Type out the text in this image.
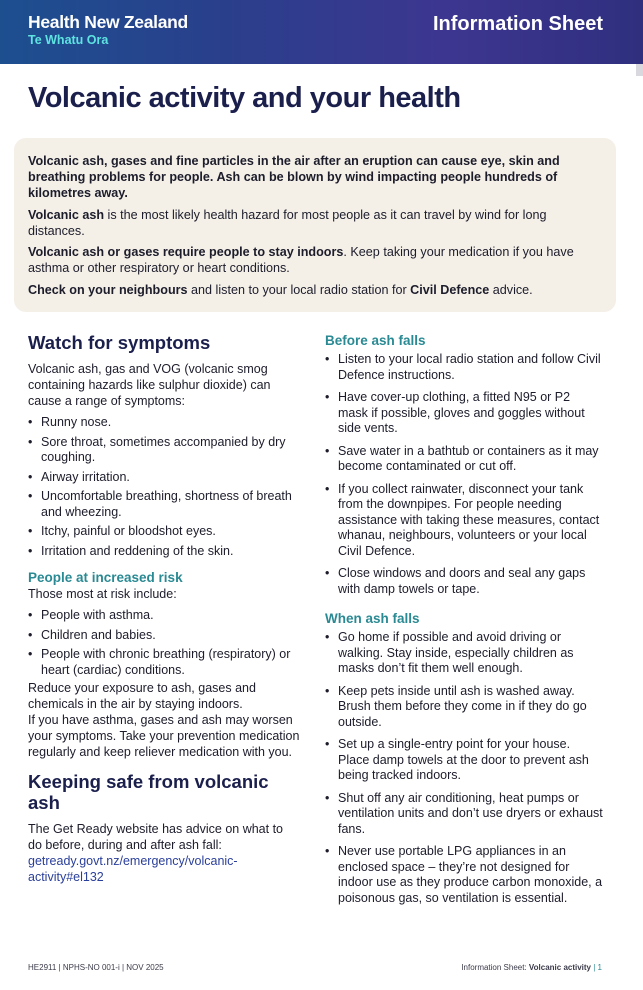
Health New Zealand
Te Whatu Ora
Information Sheet
Volcanic activity and your health

Volcanic ash, gases and fine particles in the air after an eruption can cause eye, skin and breathing problems for people. Ash can be blown by wind impacting people hundreds of kilometres away.

Volcanic ash is the most likely health hazard for most people as it can travel by wind for long distances.

Volcanic ash or gases require people to stay indoors. Keep taking your medication if you have asthma or other respiratory or heart conditions.

Check on your neighbours and listen to your local radio station for Civil Defence advice.

Watch for symptoms

Volcanic ash, gas and VOG (volcanic smog containing hazards like sulphur dioxide) can cause a range of symptoms:

• Runny nose.
• Sore throat, sometimes accompanied by dry coughing.
• Airway irritation.
• Uncomfortable breathing, shortness of breath and wheezing.
• Itchy, painful or bloodshot eyes.
• Irritation and reddening of the skin.
People at increased risk

Those most at risk include:

• People with asthma.
• Children and babies.
• People with chronic breathing (respiratory) or heart (cardiac) conditions.

Reduce your exposure to ash, gases and chemicals in the air by staying indoors.

If you have asthma, gases and ash may worsen your symptoms. Take your prevention medication regularly and keep reliever medication with you.

Keeping safe from volcanic ash

The Get Ready website has advice on what to do before, during and after ash fall:

getready.govt.nz/emergency/volcanic-activity#el132

Before ash falls
• Listen to your local radio station and follow Civil Defence instructions.
• Have cover-up clothing, a fitted N95 or P2 mask if possible, gloves and goggles without side vents.
• Save water in a bathtub or containers as it may become contaminated or cut off.
• If you collect rainwater, disconnect your tank from the downpipes. For people needing assistance with taking these measures, contact whanau, neighbours, volunteers or your local Civil Defence.
• Close windows and doors and seal any gaps with damp towels or tape.
When ash falls
• Go home if possible and avoid driving or walking. Stay inside, especially children as masks don’t fit them well enough.
• Keep pets inside until ash is washed away. Brush them before they come in if they do go outside.
• Set up a single-entry point for your house. Place damp towels at the door to prevent ash being tracked indoors.
• Shut off any air conditioning, heat pumps or ventilation units and don’t use dryers or exhaust fans.
• Never use portable LPG appliances in an enclosed space – they’re not designed for indoor use as they produce carbon monoxide, a poisonous gas, so ventilation is essential.
HE2911 | NPHS-NO 001-i | NOV 2025	Information Sheet: Volcanic activity | 1
